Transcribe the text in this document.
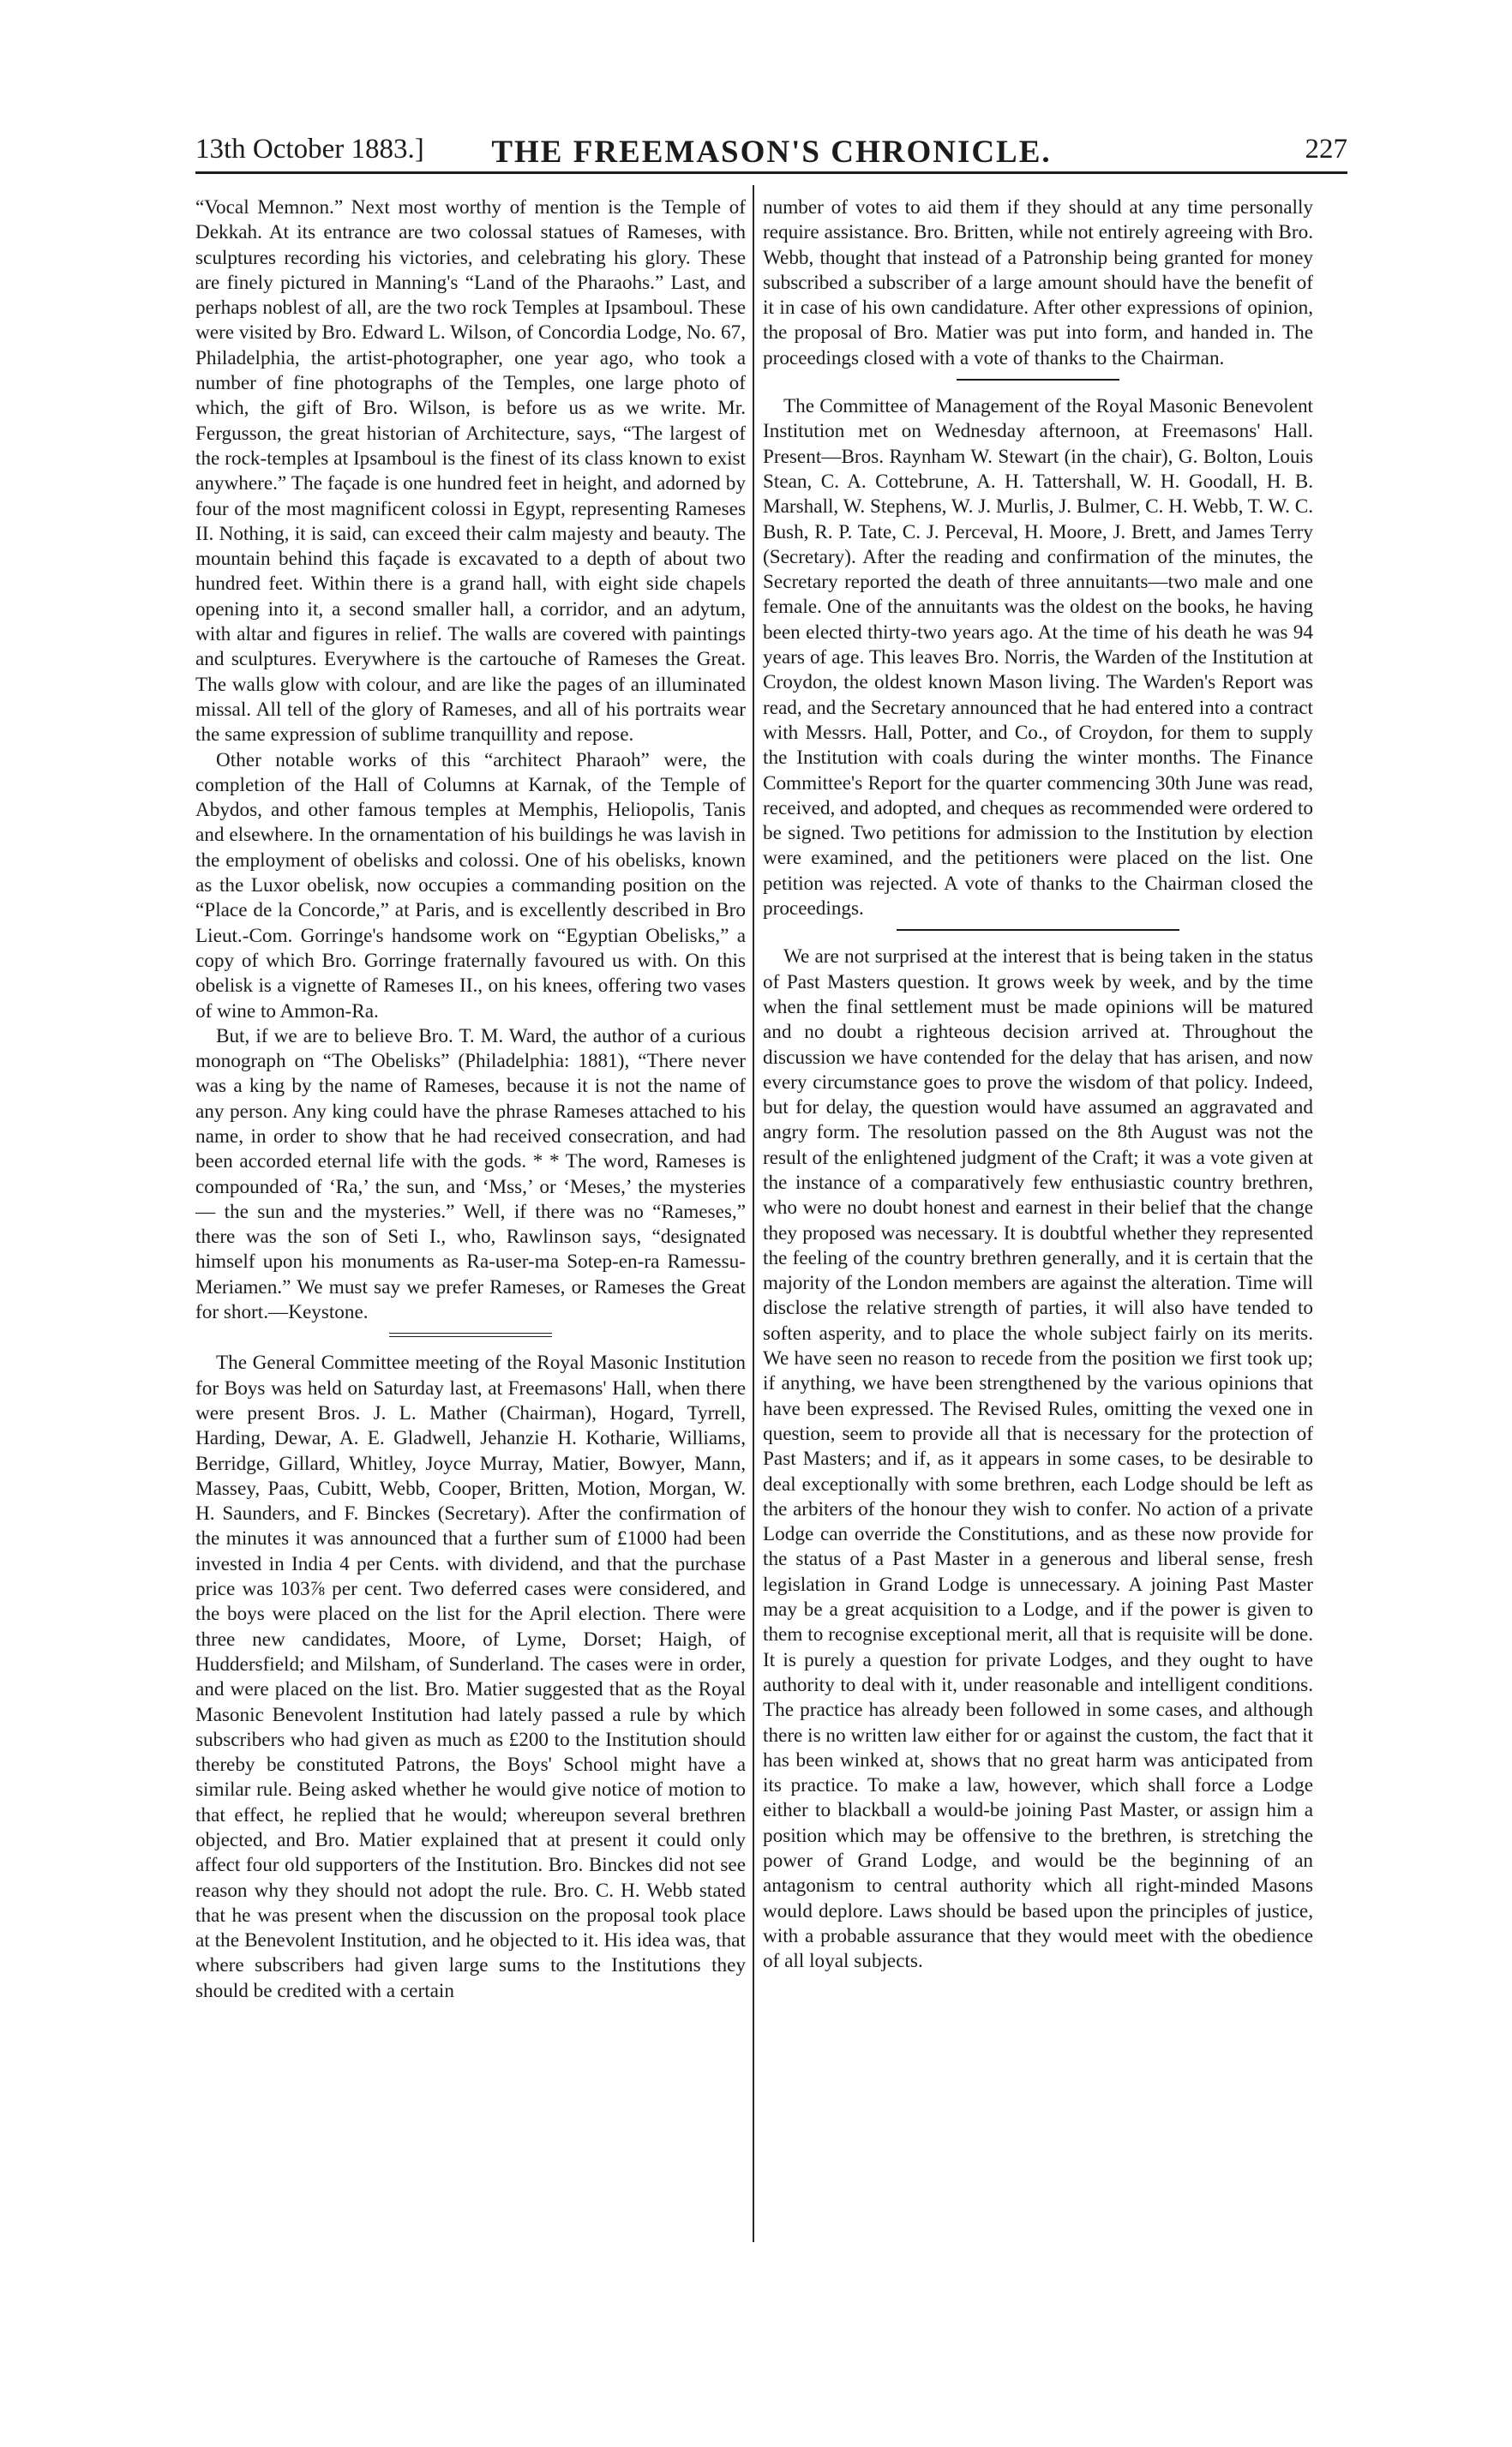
13th October 1883.]	THE FREEMASON'S CHRONICLE.	227

“Vocal Memnon.” Next most worthy of mention is the Temple of Dekkah. At its entrance are two colossal statues of Rameses, with sculptures recording his victories, and celebrating his glory. These are finely pictured in Manning's “Land of the Pharaohs.” Last, and perhaps noblest of all, are the two rock Temples at Ipsamboul. These were visited by Bro. Edward L. Wilson, of Concordia Lodge, No. 67, Philadelphia, the artist-photographer, one year ago, who took a number of fine photographs of the Temples, one large photo of which, the gift of Bro. Wilson, is before us as we write. Mr. Fergusson, the great historian of Architecture, says, “The largest of the rock-temples at Ipsamboul is the finest of its class known to exist anywhere.” The façade is one hundred feet in height, and adorned by four of the most magnificent colossi in Egypt, representing Rameses II. Nothing, it is said, can exceed their calm majesty and beauty. The mountain behind this façade is excavated to a depth of about two hundred feet. Within there is a grand hall, with eight side chapels opening into it, a second smaller hall, a corridor, and an adytum, with altar and figures in relief. The walls are covered with paintings and sculptures. Everywhere is the cartouche of Rameses the Great. The walls glow with colour, and are like the pages of an illuminated missal. All tell of the glory of Rameses, and all of his portraits wear the same expression of sublime tranquillity and repose.

Other notable works of this “architect Pharaoh” were, the completion of the Hall of Columns at Karnak, of the Temple of Abydos, and other famous temples at Memphis, Heliopolis, Tanis and elsewhere. In the ornamentation of his buildings he was lavish in the employment of obelisks and colossi. One of his obelisks, known as the Luxor obelisk, now occupies a commanding position on the “Place de la Concorde,” at Paris, and is excellently described in Bro Lieut.-Com. Gorringe's handsome work on “Egyptian Obelisks,” a copy of which Bro. Gorringe fraternally favoured us with. On this obelisk is a vignette of Rameses II., on his knees, offering two vases of wine to Ammon-Ra.

But, if we are to believe Bro. T. M. Ward, the author of a curious monograph on “The Obelisks” (Philadelphia: 1881), “There never was a king by the name of Rameses, because it is not the name of any person. Any king could have the phrase Rameses attached to his name, in order to show that he had received consecration, and had been accorded eternal life with the gods. * * The word, Rameses is compounded of ‘Ra,’ the sun, and ‘Mss,’ or ‘Meses,’ the mysteries — the sun and the mysteries.” Well, if there was no “Rameses,” there was the son of Seti I., who, Rawlinson says, “designated himself upon his monuments as Ra-user-ma Sotep-en-ra Ramessu-Meriamen.” We must say we prefer Rameses, or Rameses the Great for short.—Keystone.

The General Committee meeting of the Royal Masonic Institution for Boys was held on Saturday last, at Freemasons' Hall, when there were present Bros. J. L. Mather (Chairman), Hogard, Tyrrell, Harding, Dewar, A. E. Gladwell, Jehanzie H. Kotharie, Williams, Berridge, Gillard, Whitley, Joyce Murray, Matier, Bowyer, Mann, Massey, Paas, Cubitt, Webb, Cooper, Britten, Motion, Morgan, W. H. Saunders, and F. Binckes (Secretary). After the confirmation of the minutes it was announced that a further sum of £1000 had been invested in India 4 per Cents. with dividend, and that the purchase price was 103⅞ per cent. Two deferred cases were considered, and the boys were placed on the list for the April election. There were three new candidates, Moore, of Lyme, Dorset; Haigh, of Huddersfield; and Milsham, of Sunderland. The cases were in order, and were placed on the list. Bro. Matier suggested that as the Royal Masonic Benevolent Institution had lately passed a rule by which subscribers who had given as much as £200 to the Institution should thereby be constituted Patrons, the Boys' School might have a similar rule. Being asked whether he would give notice of motion to that effect, he replied that he would; whereupon several brethren objected, and Bro. Matier explained that at present it could only affect four old supporters of the Institution. Bro. Binckes did not see reason why they should not adopt the rule. Bro. C. H. Webb stated that he was present when the discussion on the proposal took place at the Benevolent Institution, and he objected to it. His idea was, that where subscribers had given large sums to the Institutions they should be credited with a certain

number of votes to aid them if they should at any time personally require assistance. Bro. Britten, while not entirely agreeing with Bro. Webb, thought that instead of a Patronship being granted for money subscribed a subscriber of a large amount should have the benefit of it in case of his own candidature. After other expressions of opinion, the proposal of Bro. Matier was put into form, and handed in. The proceedings closed with a vote of thanks to the Chairman.

The Committee of Management of the Royal Masonic Benevolent Institution met on Wednesday afternoon, at Freemasons' Hall. Present—Bros. Raynham W. Stewart (in the chair), G. Bolton, Louis Stean, C. A. Cottebrune, A. H. Tattershall, W. H. Goodall, H. B. Marshall, W. Stephens, W. J. Murlis, J. Bulmer, C. H. Webb, T. W. C. Bush, R. P. Tate, C. J. Perceval, H. Moore, J. Brett, and James Terry (Secretary). After the reading and confirmation of the minutes, the Secretary reported the death of three annuitants—two male and one female. One of the annuitants was the oldest on the books, he having been elected thirty-two years ago. At the time of his death he was 94 years of age. This leaves Bro. Norris, the Warden of the Institution at Croydon, the oldest known Mason living. The Warden's Report was read, and the Secretary announced that he had entered into a contract with Messrs. Hall, Potter, and Co., of Croydon, for them to supply the Institution with coals during the winter months. The Finance Committee's Report for the quarter commencing 30th June was read, received, and adopted, and cheques as recommended were ordered to be signed. Two petitions for admission to the Institution by election were examined, and the petitioners were placed on the list. One petition was rejected. A vote of thanks to the Chairman closed the proceedings.

We are not surprised at the interest that is being taken in the status of Past Masters question. It grows week by week, and by the time when the final settlement must be made opinions will be matured and no doubt a righteous decision arrived at. Throughout the discussion we have contended for the delay that has arisen, and now every circumstance goes to prove the wisdom of that policy. Indeed, but for delay, the question would have assumed an aggravated and angry form. The resolution passed on the 8th August was not the result of the enlightened judgment of the Craft; it was a vote given at the instance of a comparatively few enthusiastic country brethren, who were no doubt honest and earnest in their belief that the change they proposed was necessary. It is doubtful whether they represented the feeling of the country brethren generally, and it is certain that the majority of the London members are against the alteration. Time will disclose the relative strength of parties, it will also have tended to soften asperity, and to place the whole subject fairly on its merits. We have seen no reason to recede from the position we first took up; if anything, we have been strengthened by the various opinions that have been expressed. The Revised Rules, omitting the vexed one in question, seem to provide all that is necessary for the protection of Past Masters; and if, as it appears in some cases, to be desirable to deal exceptionally with some brethren, each Lodge should be left as the arbiters of the honour they wish to confer. No action of a private Lodge can override the Constitutions, and as these now provide for the status of a Past Master in a generous and liberal sense, fresh legislation in Grand Lodge is unnecessary. A joining Past Master may be a great acquisition to a Lodge, and if the power is given to them to recognise exceptional merit, all that is requisite will be done. It is purely a question for private Lodges, and they ought to have authority to deal with it, under reasonable and intelligent conditions. The practice has already been followed in some cases, and although there is no written law either for or against the custom, the fact that it has been winked at, shows that no great harm was anticipated from its practice. To make a law, however, which shall force a Lodge either to blackball a would-be joining Past Master, or assign him a position which may be offensive to the brethren, is stretching the power of Grand Lodge, and would be the beginning of an antagonism to central authority which all right-minded Masons would deplore. Laws should be based upon the principles of justice, with a probable assurance that they would meet with the obedience of all loyal subjects.
